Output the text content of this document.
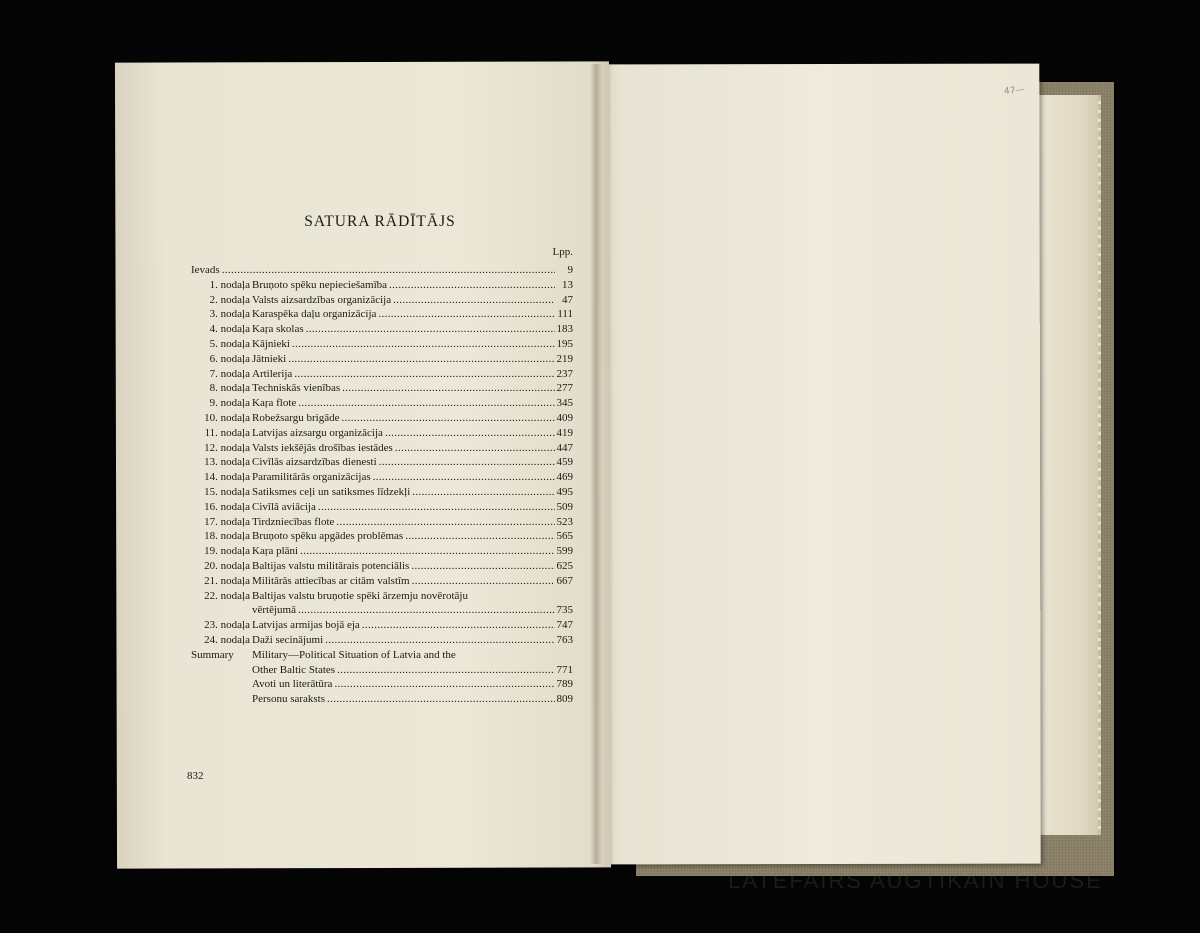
47—
LATEFAIRS AUGTIKAIN HOUSE
SATURA RĀDĪTĀJS
Lpp.
Ievads . . .	9
1. nodaļa Bruņoto spēku nepieciešamība . . .	13
2. nodaļa Valsts aizsardzības organizācija . . .	47
3. nodaļa Karaspēka daļu organizācija . . .	111
4. nodaļa Kaŗa skolas . . .	183
5. nodaļa Kājnieki . . .	195
6. nodaļa Jātnieki . . .	219
7. nodaļa Artilerija . . .	237
8. nodaļa Techniskās vienības . . .	277
9. nodaļa Kaŗa flote . . .	345
10. nodaļa Robežsargu brigāde . . .	409
11. nodaļa Latvijas aizsargu organizācija . . .	419
12. nodaļa Valsts iekšējās drošības iestādes . . .	447
13. nodaļa Civīlās aizsardzības dienesti . . .	459
14. nodaļa Paramilitārās organizācijas . . .	469
15. nodaļa Satiksmes ceļi un satiksmes līdzekļi . . .	495
16. nodaļa Civīlā aviācija . . .	509
17. nodaļa Tirdzniecības flote . . .	523
18. nodaļa Bruņoto spēku apgādes problēmas . . .	565
19. nodaļa Kaŗa plāni . . .	599
20. nodaļa Baltijas valstu militārais potenciālis . . .	625
21. nodaļa Militārās attiecības ar citām valstīm . . .	667
22. nodaļa Baltijas valstu bruņotie spēki ārzemju novērotāju
vērtējumā . . .	735
23. nodaļa Latvijas armijas bojā eja . . .	747
24. nodaļa Daži secinājumi . . .	763
Summary	Military—Political Situation of Latvia and the
Other Baltic States . . .	771
Avoti un literātūra . . .	789
Personu saraksts . . .	809
832
